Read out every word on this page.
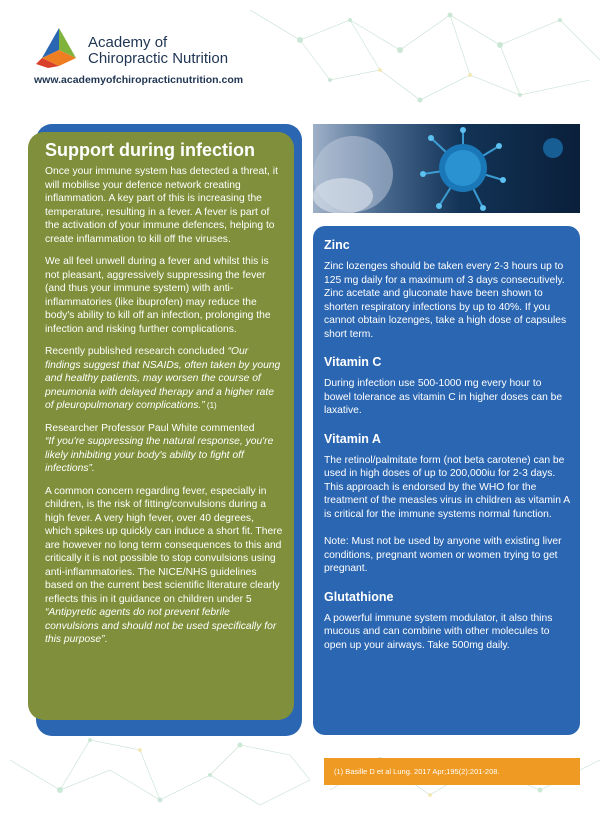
Academy of
Chiropractic Nutrition
www.academyofchiropracticnutrition.com
Support during infection

Once your immune system has detected a threat, it will mobilise your defence network creating inflammation. A key part of this is increasing the temperature, resulting in a fever. A fever is part of the activation of your immune defences, helping to create inflammation to kill off the viruses.

We all feel unwell during a fever and whilst this is not pleasant, aggressively suppressing the fever (and thus your immune system) with anti-inflammatories (like ibuprofen) may reduce the body's ability to kill off an infection, prolonging the infection and risking further complications.

Recently published research concluded “Our findings suggest that NSAIDs, often taken by young and healthy patients, may worsen the course of pneumonia with delayed therapy and a higher rate of pleuropulmonary complications.” (1)

Researcher Professor Paul White commented
“If you're suppressing the natural response, you're likely inhibiting your body's ability to fight off infections”.

A common concern regarding fever, especially in children, is the risk of fitting/convulsions during a high fever. A very high fever, over 40 degrees, which spikes up quickly can induce a short fit. There are however no long term consequences to this and critically it is not possible to stop convulsions using anti-inflammatories. The NICE/NHS guidelines based on the current best scientific literature clearly reflects this in it guidance on children under 5 “Antipyretic agents do not prevent febrile convulsions and should not be used specifically for this purpose”.

Zinc
Zinc lozenges should be taken every 2-3 hours up to 125 mg daily for a maximum of 3 days consecutively. Zinc acetate and gluconate have been shown to shorten respiratory infections by up to 40%. If you cannot obtain lozenges, take a high dose of capsules short term.
Vitamin C
During infection use 500-1000 mg every hour to bowel tolerance as vitamin C in higher doses can be laxative.
Vitamin A
The retinol/palmitate form (not beta carotene) can be used in high doses of up to 200,000iu for 2-3 days. This approach is endorsed by the WHO for the treatment of the measles virus in children as vitamin A is critical for the immune systems normal function.
Note: Must not be used by anyone with existing liver conditions, pregnant women or women trying to get pregnant.
Glutathione
A powerful immune system modulator, it also thins mucous and can combine with other molecules to open up your airways. Take 500mg daily.
(1) Basille D et al Lung. 2017 Apr;195(2):201-208.
